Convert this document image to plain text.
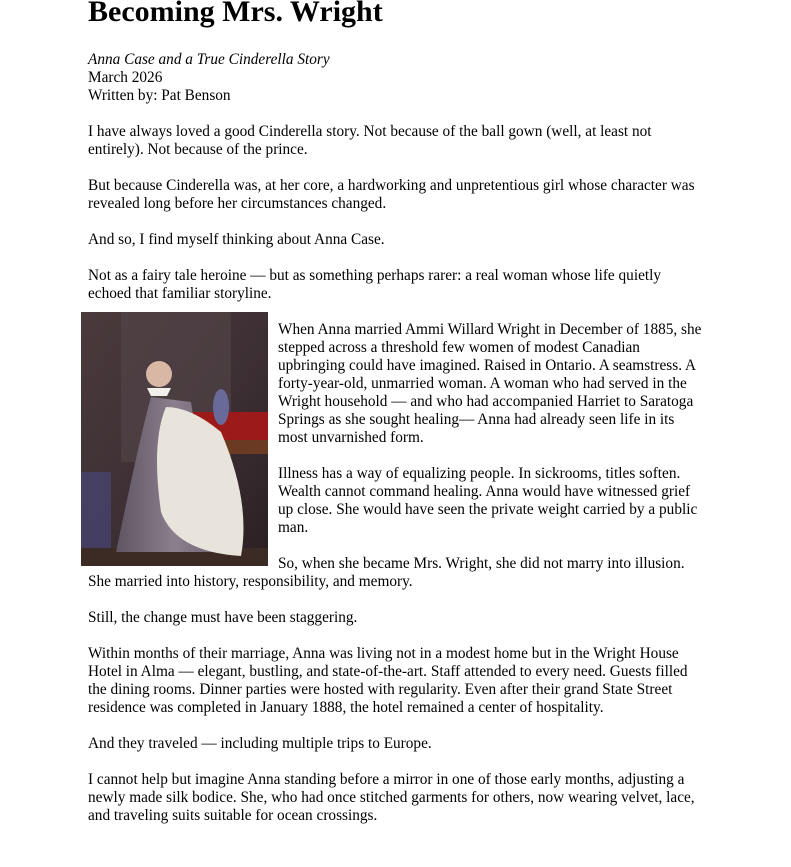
Becoming Mrs. Wright
Anna Case and a True Cinderella Story
March 2026
Written by: Pat Benson

I have always loved a good Cinderella story. Not because of the ball gown (well, at least not entirely). Not because of the prince.

But because Cinderella was, at her core, a hardworking and unpretentious girl whose character was revealed long before her circumstances changed.

And so, I find myself thinking about Anna Case.

Not as a fairy tale heroine — but as something perhaps rarer: a real woman whose life quietly echoed that familiar storyline.

When Anna married Ammi Willard Wright in December of 1885, she stepped across a threshold few women of modest Canadian upbringing could have imagined. Raised in Ontario. A seamstress. A forty-year-old, unmarried woman. A woman who had served in the Wright household — and who had accompanied Harriet to Saratoga Springs as she sought healing— Anna had already seen life in its most unvarnished form.

Illness has a way of equalizing people. In sickrooms, titles soften. Wealth cannot command healing. Anna would have witnessed grief up close. She would have seen the private weight carried by a public man.

So, when she became Mrs. Wright, she did not marry into illusion. She married into history, responsibility, and memory.

Still, the change must have been staggering.

Within months of their marriage, Anna was living not in a modest home but in the Wright House Hotel in Alma — elegant, bustling, and state-of-the-art. Staff attended to every need. Guests filled the dining rooms. Dinner parties were hosted with regularity. Even after their grand State Street residence was completed in January 1888, the hotel remained a center of hospitality.

And they traveled — including multiple trips to Europe.

I cannot help but imagine Anna standing before a mirror in one of those early months, adjusting a newly made silk bodice. She, who had once stitched garments for others, now wearing velvet, lace, and traveling suits suitable for ocean crossings.
